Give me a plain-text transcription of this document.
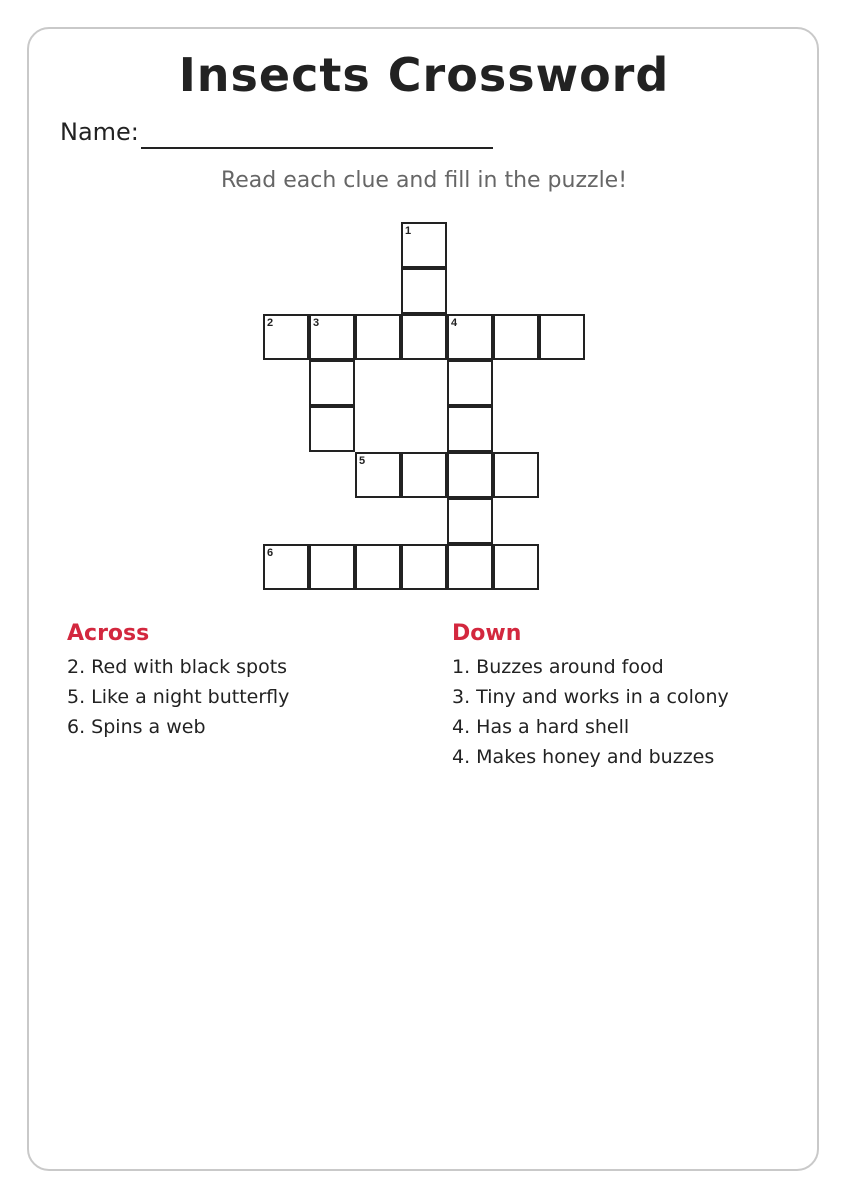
Insects Crossword
Name:
Read each clue and fill in the puzzle!
1
2	3	4
5
6
Across
2. Red with black spots
5. Like a night butterfly
6. Spins a web
Down
1. Buzzes around food
3. Tiny and works in a colony
4. Has a hard shell
4. Makes honey and buzzes
